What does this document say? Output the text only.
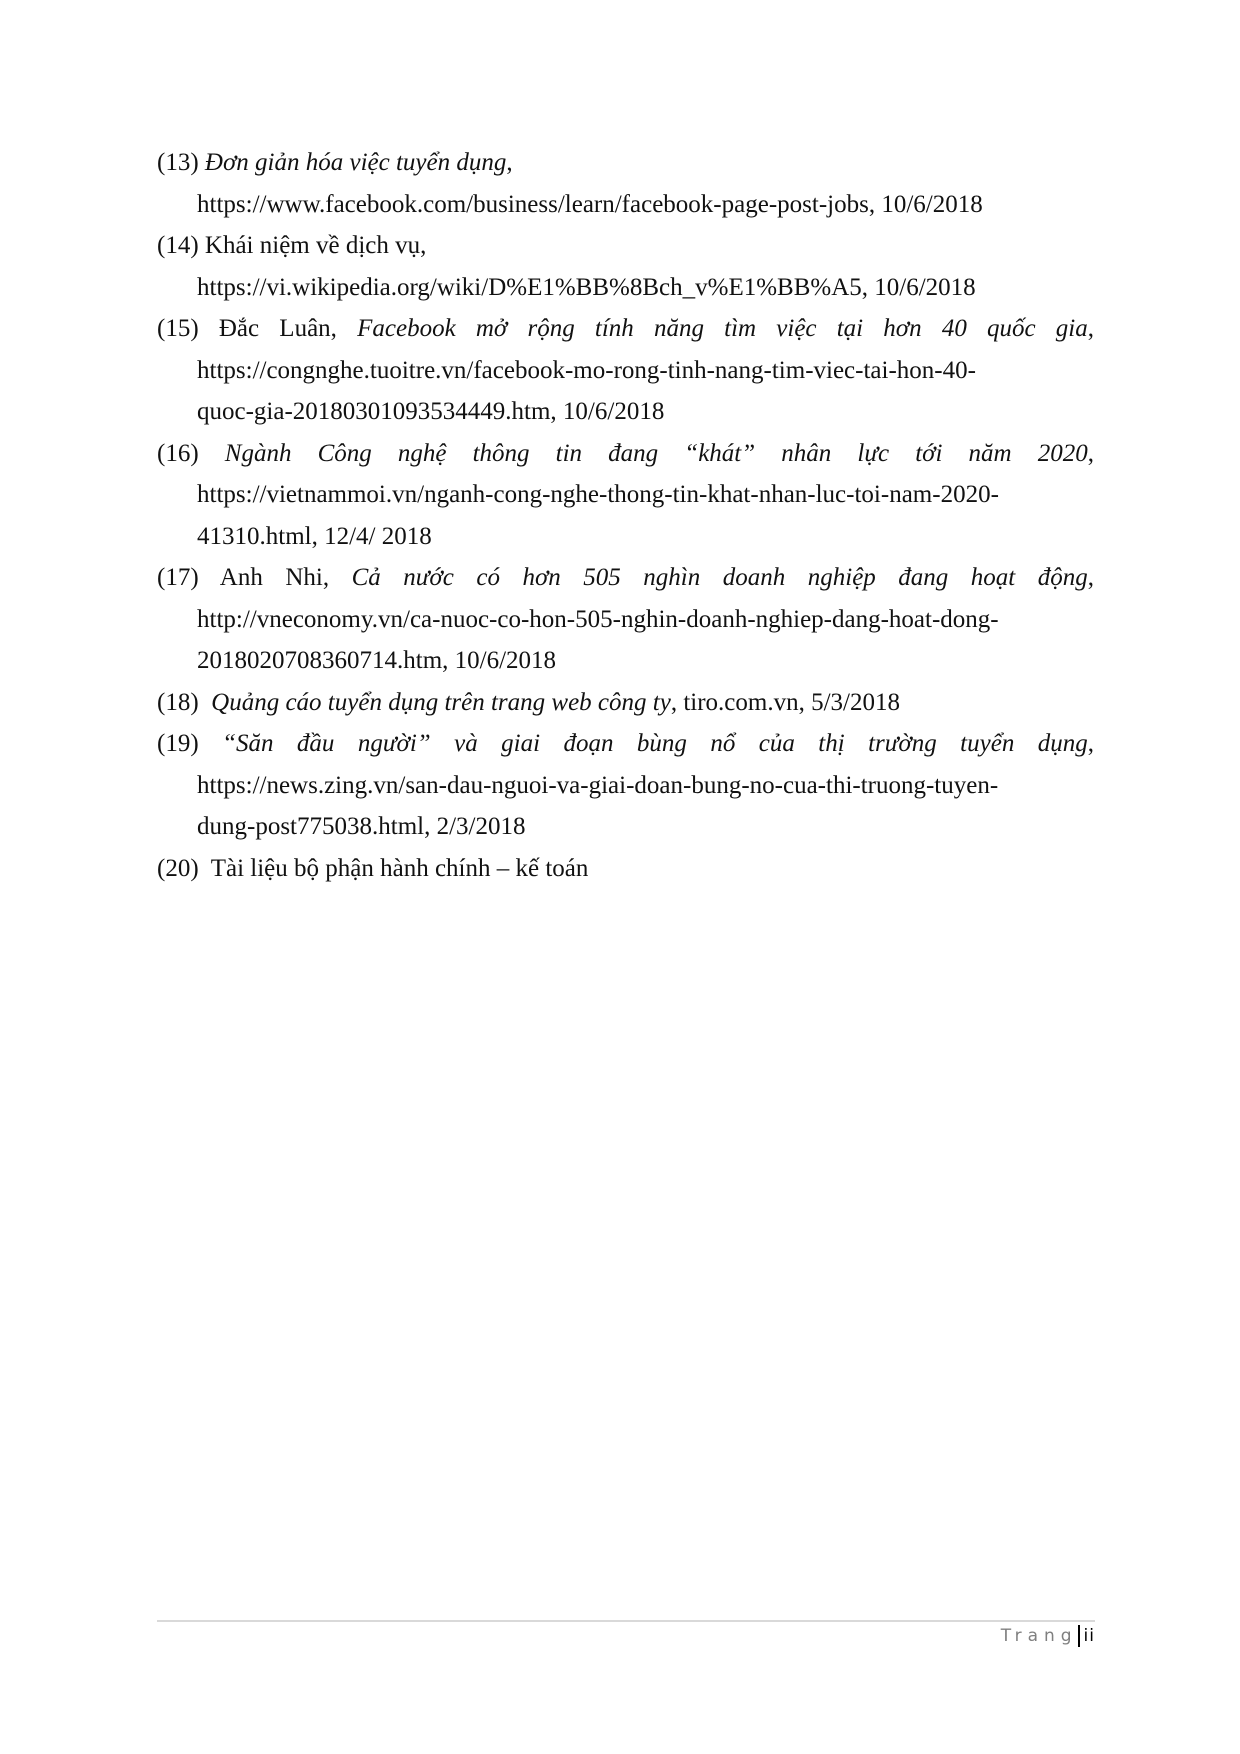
(13) Đơn giản hóa việc tuyển dụng,
https://www.facebook.com/business/learn/facebook-page-post-jobs, 10/6/2018
(14) Khái niệm về dịch vụ,
https://vi.wikipedia.org/wiki/D%E1%BB%8Bch_v%E1%BB%A5, 10/6/2018
(15) Đắc Luân, Facebook mở rộng tính năng tìm việc tại hơn 40 quốc gia,
https://congnghe.tuoitre.vn/facebook-mo-rong-tinh-nang-tim-viec-tai-hon-40-
quoc-gia-20180301093534449.htm, 10/6/2018
(16) Ngành Công nghệ thông tin đang “khát” nhân lực tới năm 2020,
https://vietnammoi.vn/nganh-cong-nghe-thong-tin-khat-nhan-luc-toi-nam-2020-
41310.html, 12/4/ 2018
(17) Anh Nhi, Cả nước có hơn 505 nghìn doanh nghiệp đang hoạt động,
http://vneconomy.vn/ca-nuoc-co-hon-505-nghin-doanh-nghiep-dang-hoat-dong-
2018020708360714.htm, 10/6/2018
(18) Quảng cáo tuyển dụng trên trang web công ty, tiro.com.vn, 5/3/2018
(19) “Săn đầu người” và giai đoạn bùng nổ của thị trường tuyển dụng,
https://news.zing.vn/san-dau-nguoi-va-giai-doan-bung-no-cua-thi-truong-tuyen-
dung-post775038.html, 2/3/2018
(20) Tài liệu bộ phận hành chính – kế toán
Trang ii
